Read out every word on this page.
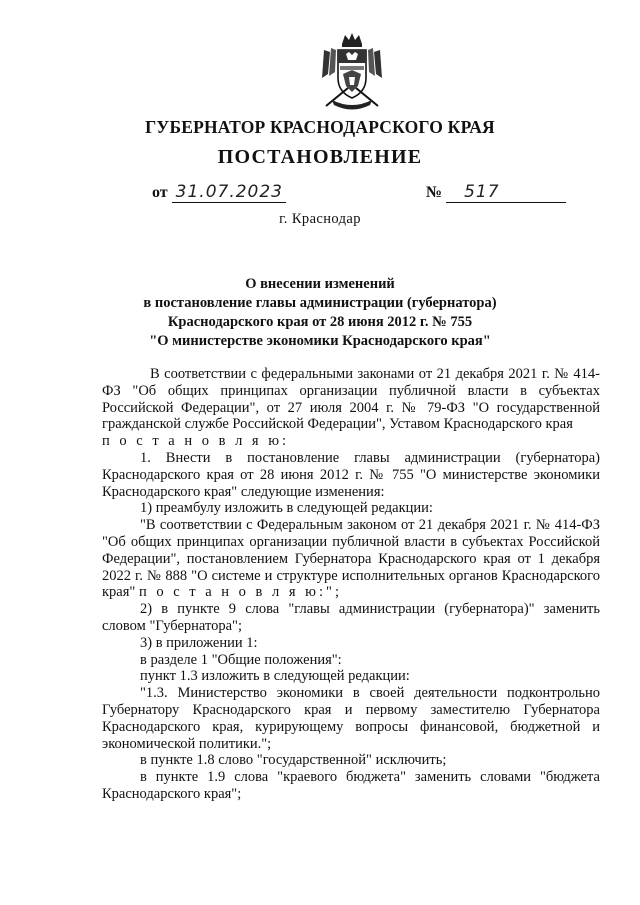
ГУБЕРНАТОР КРАСНОДАРСКОГО КРАЯ
ПОСТАНОВЛЕНИЕ
от 31.07.2023	№ 517
г. Краснодар
О внесении изменений
в постановление главы администрации (губернатора)
Краснодарского края от 28 июня 2012 г. № 755
"О министерстве экономики Краснодарского края"

В соответствии с федеральными законами от 21 декабря 2021 г. № 414-ФЗ "Об общих принципах организации публичной власти в субъектах Российской Федерации", от 27 июля 2004 г. № 79-ФЗ "О государственной гражданской службе Российской Федерации", Уставом Краснодарского края

п о с т а н о в л я ю:

1. Внести в постановление главы администрации (губернатора) Краснодарского края от 28 июня 2012 г. № 755 "О министерстве экономики Краснодарского края" следующие изменения:

1) преамбулу изложить в следующей редакции:

"В соответствии с Федеральным законом от 21 декабря 2021 г. № 414-ФЗ "Об общих принципах организации публичной власти в субъектах Российской Федерации", постановлением Губернатора Краснодарского края от 1 декабря 2022 г. № 888 "О системе и структуре исполнительных органов Краснодарского края" п о с т а н о в л я ю:";

2) в пункте 9 слова "главы администрации (губернатора)" заменить словом "Губернатора";

3) в приложении 1:

в разделе 1 "Общие положения":

пункт 1.3 изложить в следующей редакции:

"1.3. Министерство экономики в своей деятельности подконтрольно Губернатору Краснодарского края и первому заместителю Губернатора Краснодарского края, курирующему вопросы финансовой, бюджетной и экономической политики.";

в пункте 1.8 слово "государственной" исключить;

в пункте 1.9 слова "краевого бюджета" заменить словами "бюджета Краснодарского края";
